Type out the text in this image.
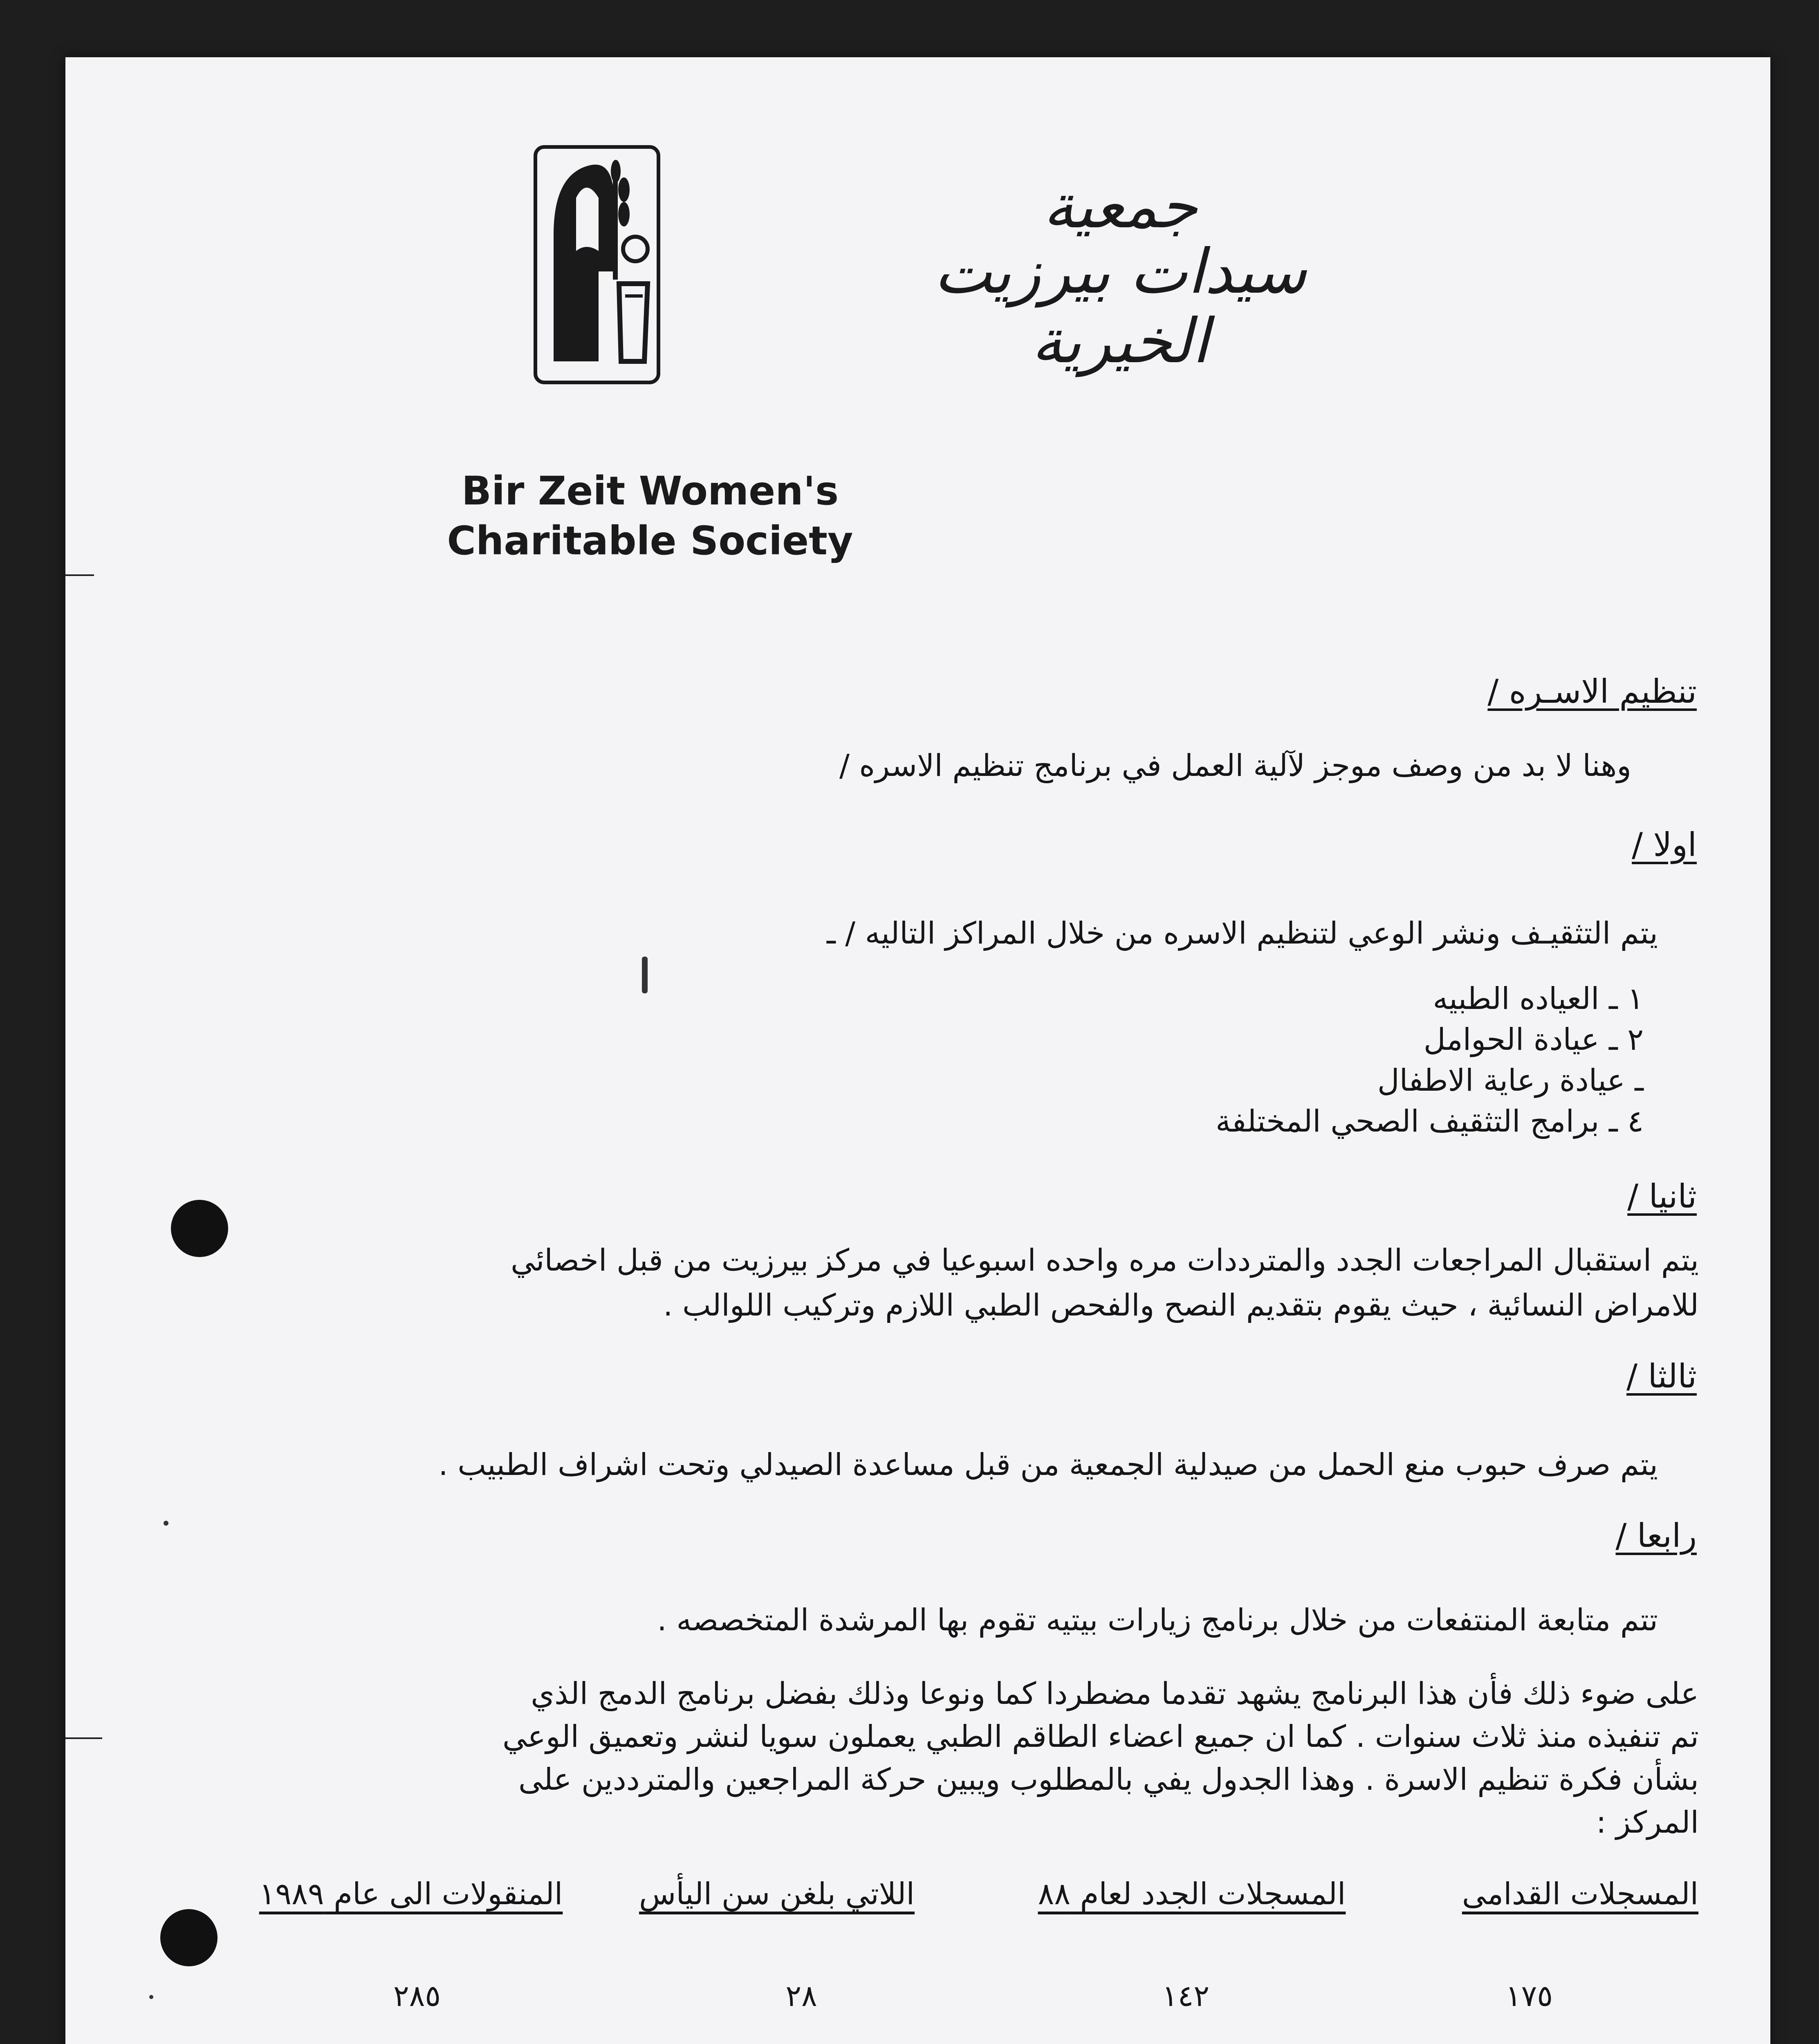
جمعية
سيدات بيرزيت الخيرية
Bir Zeit Women's
Charitable Society
تنظيم الاسـره /
وهنا لا بد من وصف موجز لآلية العمل في برنامج تنظيم الاسره /
اولا /
يتم التثقيـف ونشر الوعي لتنظيم الاسره من خلال المراكز التاليه / ـ
١ ـ العياده الطبيه
٢ ـ عيادة الحوامل
ـ عيادة رعاية الاطفال
٤ ـ برامج التثقيف الصحي المختلفة
ثانيا /
يتم استقبال المراجعات الجدد والمترددات مره واحده اسبوعيا في مركز بيرزيت من قبل اخصائي
للامراض النسائية ، حيث يقوم بتقديم النصح والفحص الطبي اللازم وتركيب اللوالب .
ثالثا /
يتم صرف حبوب منع الحمل من صيدلية الجمعية من قبل مساعدة الصيدلي وتحت اشراف الطبيب .
رابعا /
تتم متابعة المنتفعات من خلال برنامج زيارات بيتيه تقوم بها المرشدة المتخصصه .
على ضوء ذلك فأن هذا البرنامج يشهد تقدما مضطردا كما ونوعا وذلك بفضل برنامج الدمج الذي
تم تنفيذه منذ ثلاث سنوات . كما ان جميع اعضاء الطاقم الطبي يعملون سويا لنشر وتعميق الوعي
بشأن فكرة تنظيم الاسرة . وهذا الجدول يفي بالمطلوب ويبين حركة المراجعين والمترددين على
المركز :
المسجلات القدامى
المسجلات الجدد لعام ٨٨
اللاتي بلغن سن اليأس
المنقولات الى عام ١٩٨٩
١٧٥
١٤٢
٢٨
٢٨٥
